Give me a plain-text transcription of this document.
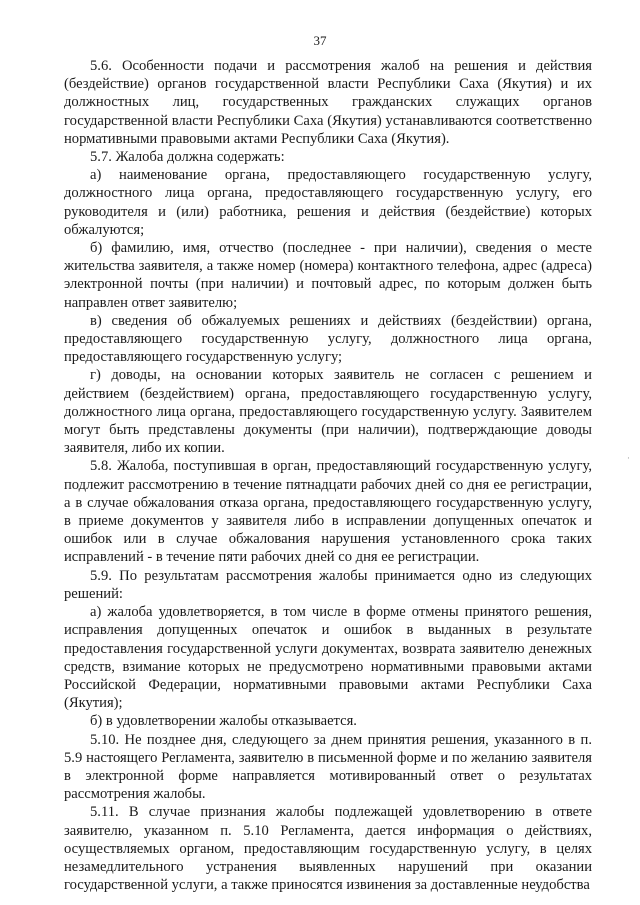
37

5.6. Особенности подачи и рассмотрения жалоб на решения и действия (бездействие) органов государственной власти Республики Саха (Якутия) и их должностных лиц, государственных гражданских служащих органов государственной власти Республики Саха (Якутия) устанавливаются соответственно нормативными правовыми актами Республики Саха (Якутия).

5.7. Жалоба должна содержать:

а) наименование органа, предоставляющего государственную услугу, должностного лица органа, предоставляющего государственную услугу, его руководителя и (или) работника, решения и действия (бездействие) которых обжалуются;

б) фамилию, имя, отчество (последнее - при наличии), сведения о месте жительства заявителя, а также номер (номера) контактного телефона, адрес (адреса) электронной почты (при наличии) и почтовый адрес, по которым должен быть направлен ответ заявителю;

в) сведения об обжалуемых решениях и действиях (бездействии) органа, предоставляющего государственную услугу, должностного лица органа, предоставляющего государственную услугу;

г) доводы, на основании которых заявитель не согласен с решением и действием (бездействием) органа, предоставляющего государственную услугу, должностного лица органа, предоставляющего государственную услугу. Заявителем могут быть представлены документы (при наличии), подтверждающие доводы заявителя, либо их копии.

5.8. Жалоба, поступившая в орган, предоставляющий государственную услугу, подлежит рассмотрению в течение пятнадцати рабочих дней со дня ее регистрации, а в случае обжалования отказа органа, предоставляющего государственную услугу, в приеме документов у заявителя либо в исправлении допущенных опечаток и ошибок или в случае обжалования нарушения установленного срока таких исправлений - в течение пяти рабочих дней со дня ее регистрации.

5.9. По результатам рассмотрения жалобы принимается одно из следующих решений:

а) жалоба удовлетворяется, в том числе в форме отмены принятого решения, исправления допущенных опечаток и ошибок в выданных в результате предоставления государственной услуги документах, возврата заявителю денежных средств, взимание которых не предусмотрено нормативными правовыми актами Российской Федерации, нормативными правовыми актами Республики Саха (Якутия);

б) в удовлетворении жалобы отказывается.

5.10. Не позднее дня, следующего за днем принятия решения, указанного в п. 5.9 настоящего Регламента, заявителю в письменной форме и по желанию заявителя в электронной форме направляется мотивированный ответ о результатах рассмотрения жалобы.

5.11. В случае признания жалобы подлежащей удовлетворению в ответе заявителю, указанном п. 5.10 Регламента, дается информация о действиях, осуществляемых органом, предоставляющим государственную услугу, в целях незамедлительного устранения выявленных нарушений при оказании государственной услуги, а также приносятся извинения за доставленные неудобства

·
